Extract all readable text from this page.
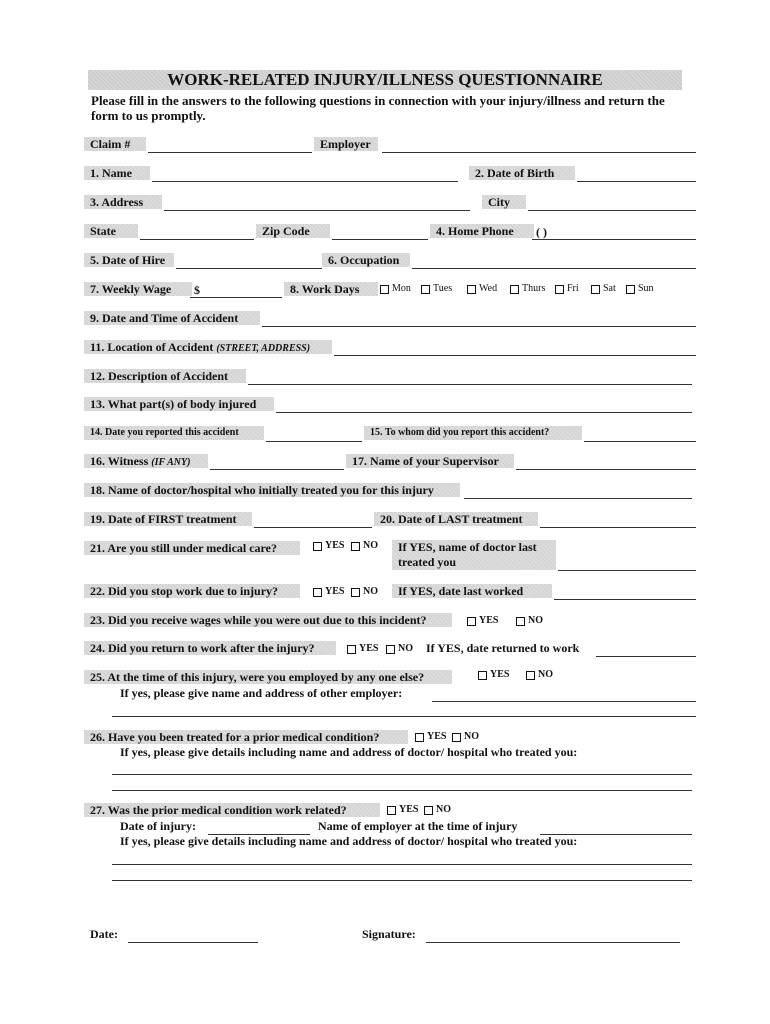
WORK-RELATED INJURY/ILLNESS QUESTIONNAIRE
Please fill in the answers to the following questions in connection with your injury/illness and return the form to us promptly.
Claim #	Employer
1. Name	2. Date of Birth
3. Address	City
State	Zip Code	4. Home Phone	( )
5. Date of Hire	6. Occupation
7. Weekly Wage	$	8. Work Days	Mon Tues	Wed Thurs Fri Sat Sun
9. Date and Time of Accident
11. Location of Accident (STREET, ADDRESS)
12. Description of Accident
13. What part(s) of body injured
14. Date you reported this accident	15. To whom did you report this accident?
16. Witness (IF ANY)	17. Name of your Supervisor
18. Name of doctor/hospital who initially treated you for this injury
19. Date of FIRST treatment	20. Date of LAST treatment
21. Are you still under medical care?	YES NO	If YES, name of doctor last
treated you
22. Did you stop work due to injury?	YES NO	If YES, date last worked
23. Did you receive wages while you were out due to this incident?	YES	NO
24. Did you return to work after the injury?	YES NO If YES, date returned to work
25. At the time of this injury, were you employed by any one else?	YES	NO
If yes, please give name and address of other employer:
26. Have you been treated for a prior medical condition?	YES NO
If yes, please give details including name and address of doctor/ hospital who treated you:
27. Was the prior medical condition work related?	YES NO
Date of injury:	Name of employer at the time of injury
If yes, please give details including name and address of doctor/ hospital who treated you:
Date:	Signature:
